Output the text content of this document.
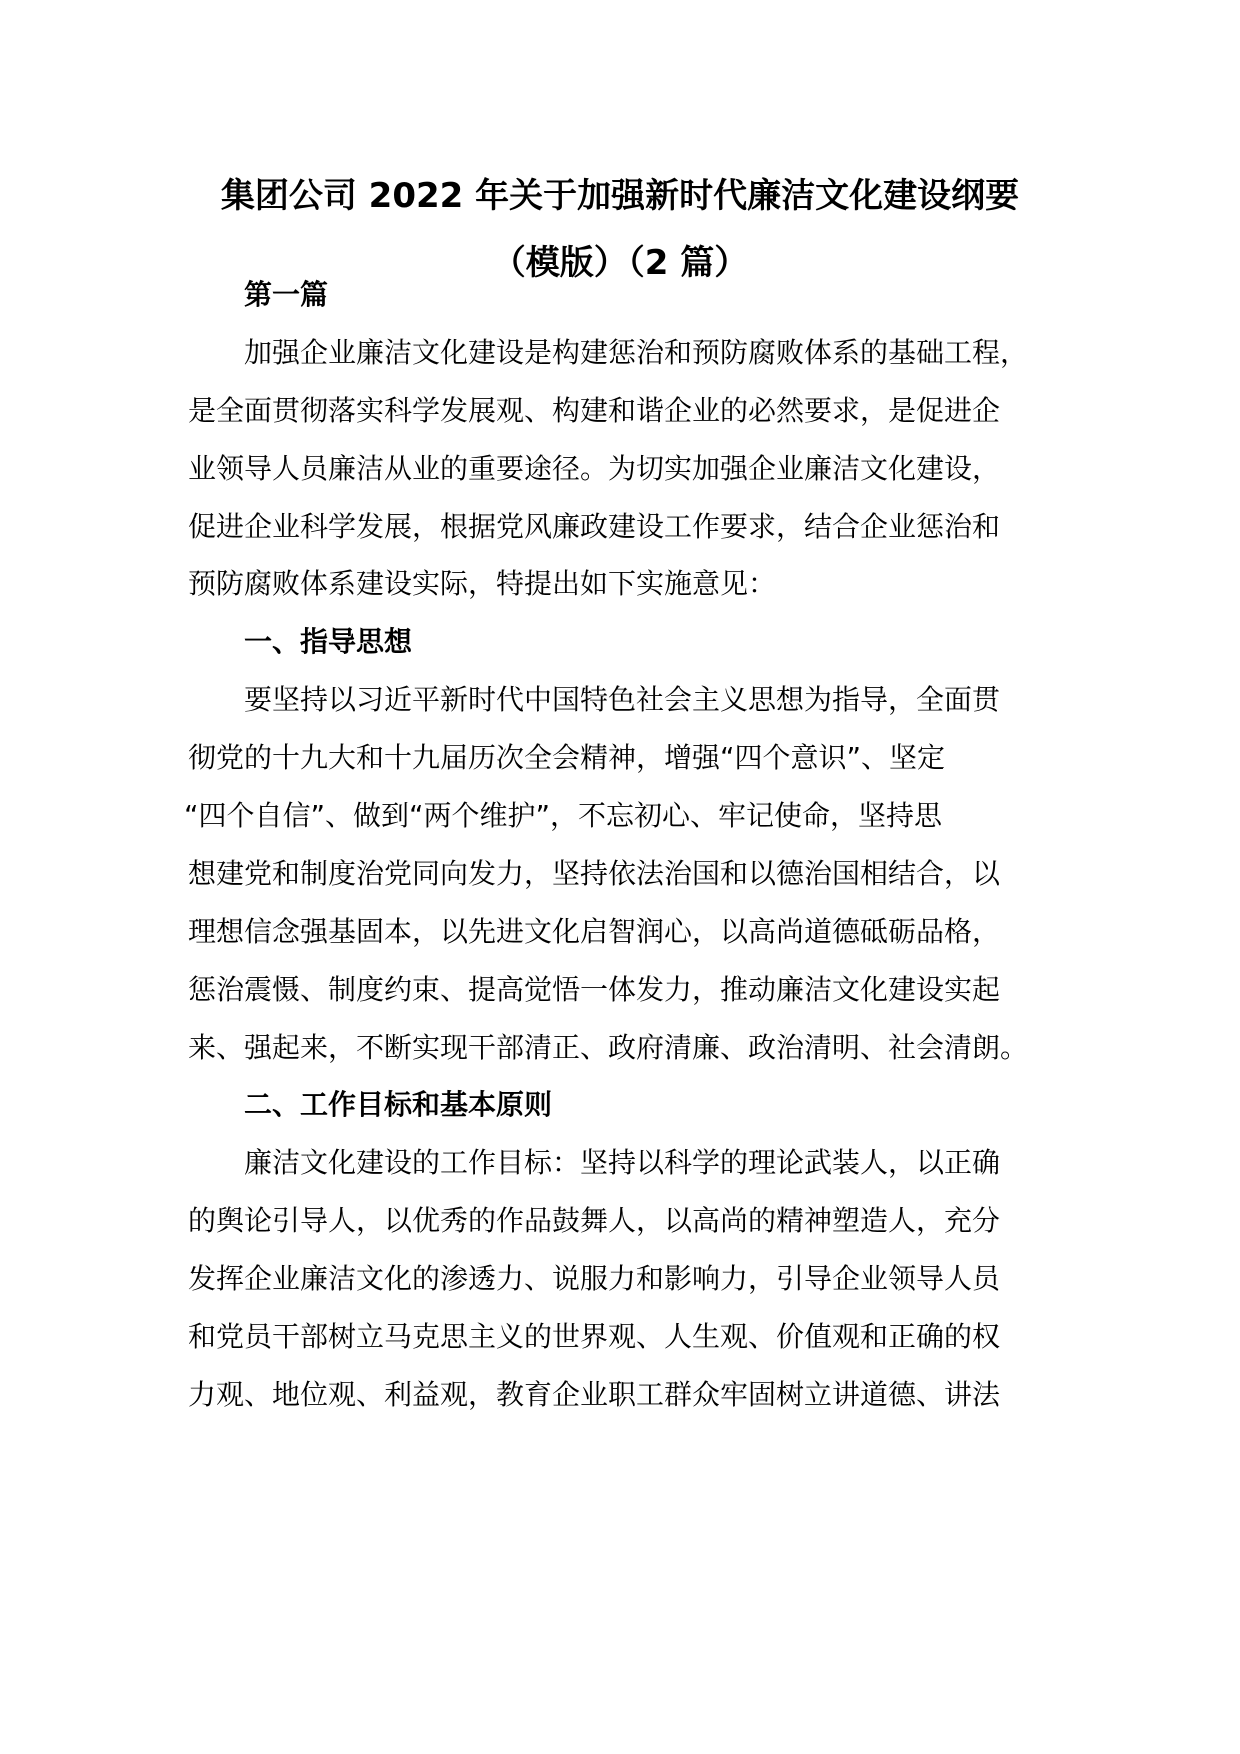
集团公司 2022 年关于加强新时代廉洁文化建设纲要
（模版）（2 篇）
第一篇
加强企业廉洁文化建设是构建惩治和预防腐败体系的基础工程，
是全面贯彻落实科学发展观、构建和谐企业的必然要求，是促进企
业领导人员廉洁从业的重要途径。为切实加强企业廉洁文化建设，
促进企业科学发展，根据党风廉政建设工作要求，结合企业惩治和
预防腐败体系建设实际，特提出如下实施意见：
一、指导思想
要坚持以习近平新时代中国特色社会主义思想为指导，全面贯
彻党的十九大和十九届历次全会精神，增强“四个意识”、坚定
“四个自信”、做到“两个维护”，不忘初心、牢记使命，坚持思
想建党和制度治党同向发力，坚持依法治国和以德治国相结合，以
理想信念强基固本，以先进文化启智润心，以高尚道德砥砺品格，
惩治震慑、制度约束、提高觉悟一体发力，推动廉洁文化建设实起
来、强起来，不断实现干部清正、政府清廉、政治清明、社会清朗。
二、工作目标和基本原则
廉洁文化建设的工作目标：坚持以科学的理论武装人，以正确
的舆论引导人，以优秀的作品鼓舞人，以高尚的精神塑造人，充分
发挥企业廉洁文化的渗透力、说服力和影响力，引导企业领导人员
和党员干部树立马克思主义的世界观、人生观、价值观和正确的权
力观、地位观、利益观，教育企业职工群众牢固树立讲道德、讲法
